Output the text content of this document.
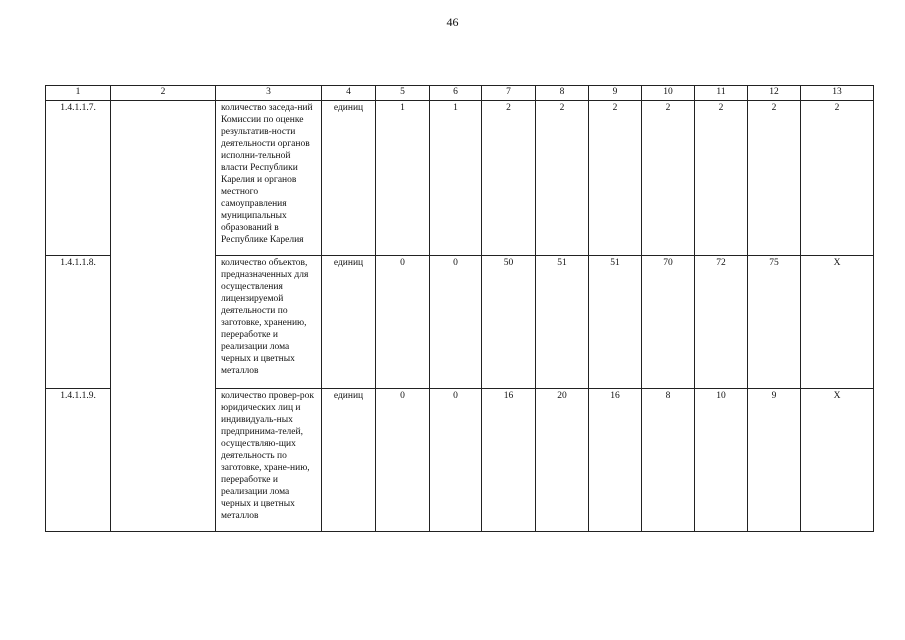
46
1	2	3	4	5	6	7	8	9	10	11	12	13
1.4.1.1.7.		количество заседа-ний Комиссии по оценке результатив-ности деятельности органов исполни-тельной власти Республики Карелия и органов местного самоуправления муниципальных образований в Республике Карелия	единиц	1	1	2	2	2	2	2	2	2
1.4.1.1.8.		количество объектов, предназначенных для осуществления лицензируемой деятельности по заготовке, хранению, переработке и реализации лома черных и цветных металлов	единиц	0	0	50	51	51	70	72	75	X
1.4.1.1.9.		количество провер-рок юридических лиц и индивидуаль-ных предпринима-телей, осуществляю-щих деятельность по заготовке, хране-нию, переработке и реализации лома черных и цветных металлов	единиц	0	0	16	20	16	8	10	9	X
